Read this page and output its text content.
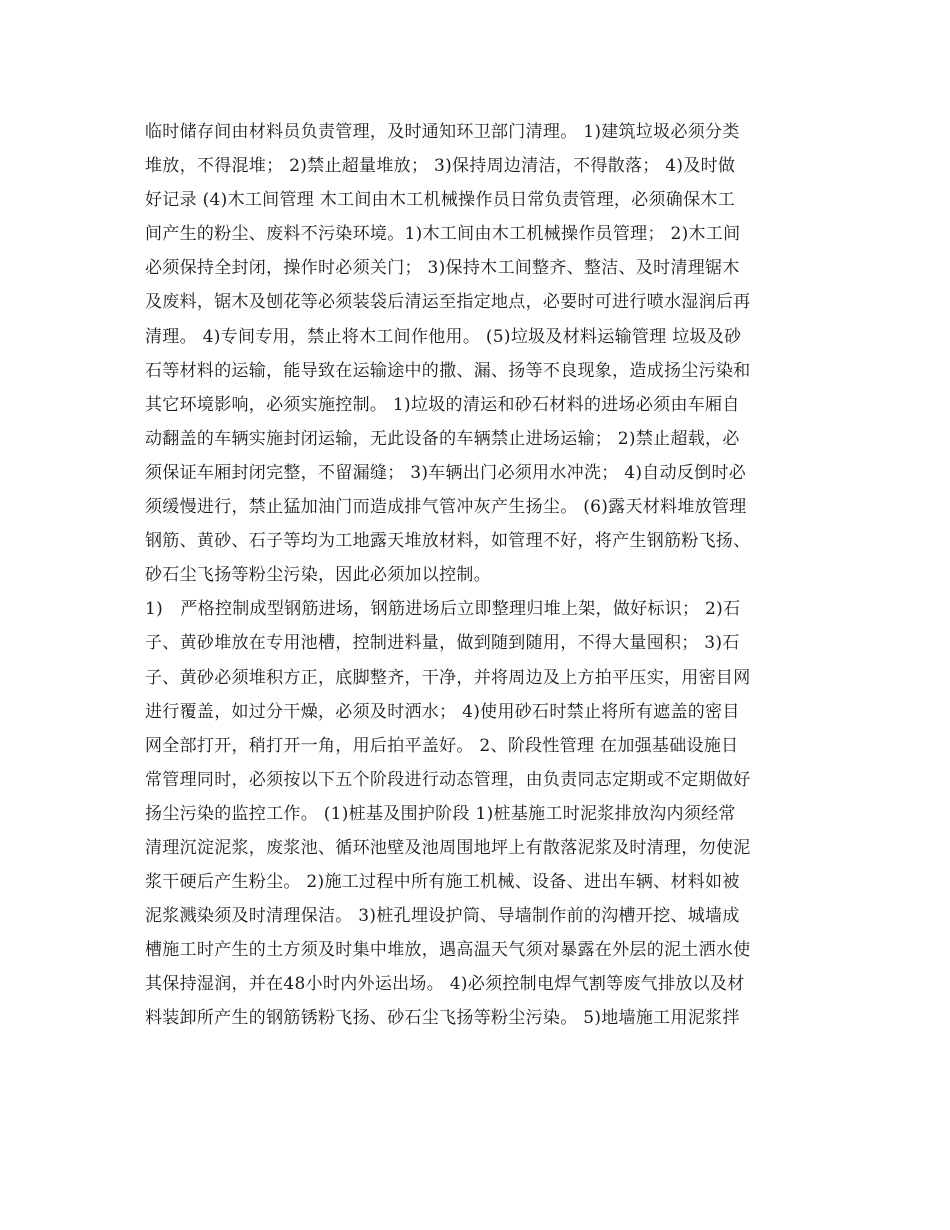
临时储存间由材料员负责管理，及时通知环卫部门清理。 1)建筑垃圾必须分类
堆放，不得混堆； 2)禁止超量堆放； 3)保持周边清洁，不得散落； 4)及时做
好记录 (4)木工间管理 木工间由木工机械操作员日常负责管理，必须确保木工
间产生的粉尘、废料不污染环境。1)木工间由木工机械操作员管理； 2)木工间
必须保持全封闭，操作时必须关门； 3)保持木工间整齐、整洁、及时清理锯木
及废料，锯木及刨花等必须装袋后清运至指定地点，必要时可进行喷水湿润后再
清理。 4)专间专用，禁止将木工间作他用。 (5)垃圾及材料运输管理 垃圾及砂
石等材料的运输，能导致在运输途中的撒、漏、扬等不良现象，造成扬尘污染和
其它环境影响，必须实施控制。 1)垃圾的清运和砂石材料的进场必须由车厢自
动翻盖的车辆实施封闭运输，无此设备的车辆禁止进场运输； 2)禁止超载，必
须保证车厢封闭完整，不留漏缝； 3)车辆出门必须用水冲洗； 4)自动反倒时必
须缓慢进行，禁止猛加油门而造成排气管冲灰产生扬尘。 (6)露天材料堆放管理
钢筋、黄砂、石子等均为工地露天堆放材料，如管理不好，将产生钢筋粉飞扬、
砂石尘飞扬等粉尘污染，因此必须加以控制。
1)　严格控制成型钢筋进场，钢筋进场后立即整理归堆上架，做好标识； 2)石
子、黄砂堆放在专用池槽，控制进料量，做到随到随用，不得大量囤积； 3)石
子、黄砂必须堆积方正，底脚整齐，干净，并将周边及上方拍平压实，用密目网
进行覆盖，如过分干燥，必须及时洒水； 4)使用砂石时禁止将所有遮盖的密目
网全部打开，稍打开一角，用后拍平盖好。 2、阶段性管理 在加强基础设施日
常管理同时，必须按以下五个阶段进行动态管理，由负责同志定期或不定期做好
扬尘污染的监控工作。 (1)桩基及围护阶段 1)桩基施工时泥浆排放沟内须经常
清理沉淀泥浆，废浆池、循环池壁及池周围地坪上有散落泥浆及时清理，勿使泥
浆干硬后产生粉尘。 2)施工过程中所有施工机械、设备、进出车辆、材料如被
泥浆溅染须及时清理保洁。 3)桩孔埋设护筒、导墙制作前的沟槽开挖、城墙成
槽施工时产生的土方须及时集中堆放，遇高温天气须对暴露在外层的泥土洒水使
其保持湿润，并在48小时内外运出场。 4)必须控制电焊气割等废气排放以及材
料装卸所产生的钢筋锈粉飞扬、砂石尘飞扬等粉尘污染。 5)地墙施工用泥浆拌
